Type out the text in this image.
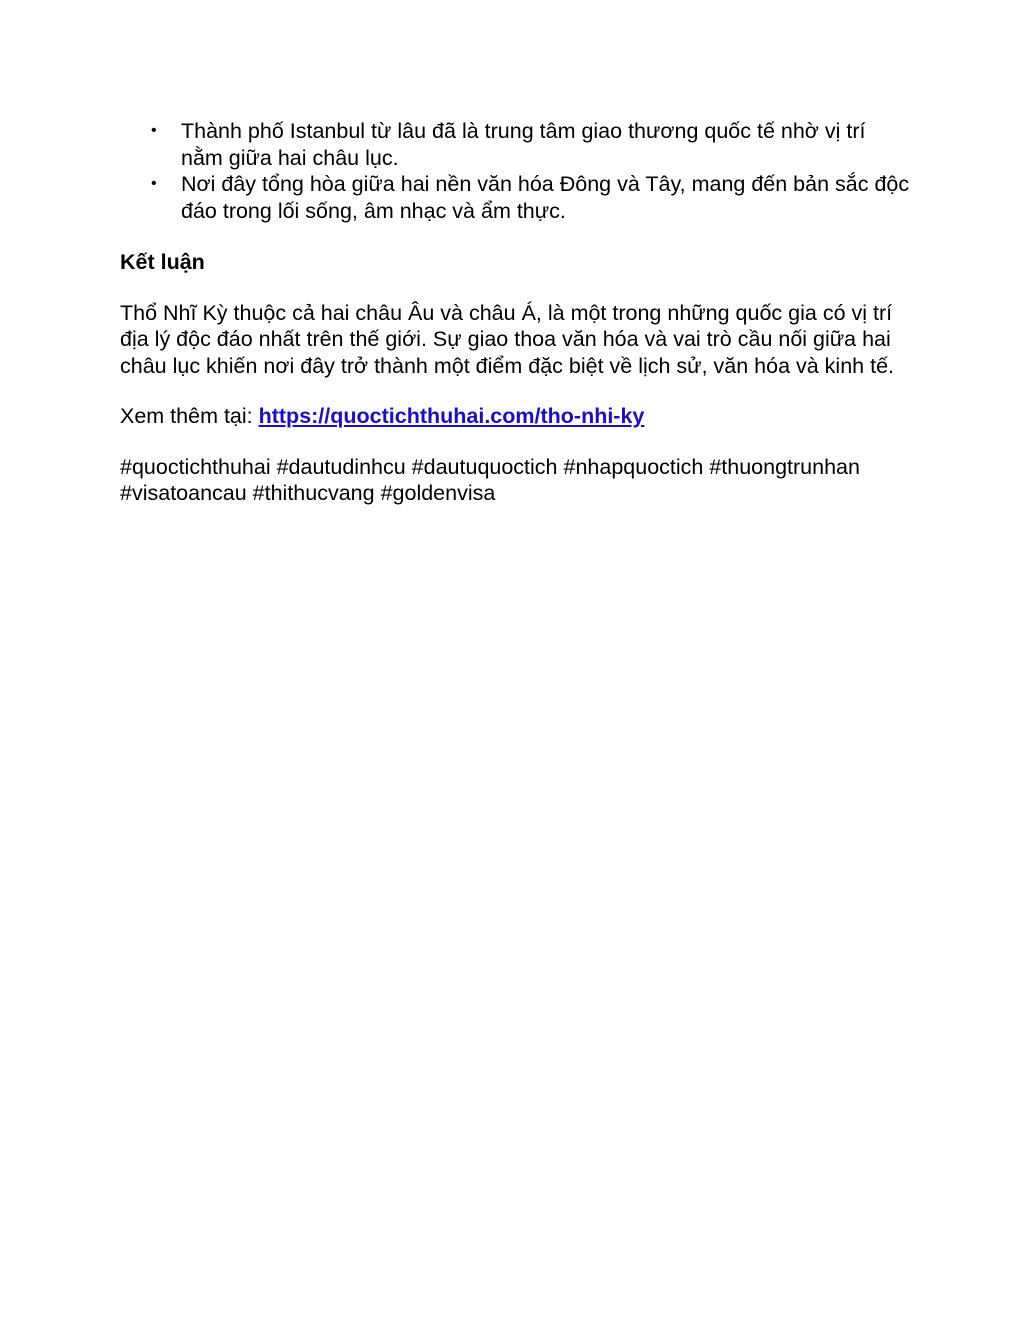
• Thành phố Istanbul từ lâu đã là trung tâm giao thương quốc tế nhờ vị trí nằm giữa hai châu lục.
• Nơi đây tổng hòa giữa hai nền văn hóa Đông và Tây, mang đến bản sắc độc đáo trong lối sống, âm nhạc và ẩm thực.
Kết luận

Thổ Nhĩ Kỳ thuộc cả hai châu Âu và châu Á, là một trong những quốc gia có vị trí địa lý độc đáo nhất trên thế giới. Sự giao thoa văn hóa và vai trò cầu nối giữa hai châu lục khiến nơi đây trở thành một điểm đặc biệt về lịch sử, văn hóa và kinh tế.

Xem thêm tại: https://quoctichthuhai.com/tho-nhi-ky

#quoctichthuhai #dautudinhcu #dautuquoctich #nhapquoctich #thuongtrunhan #visatoancau #thithucvang #goldenvisa
